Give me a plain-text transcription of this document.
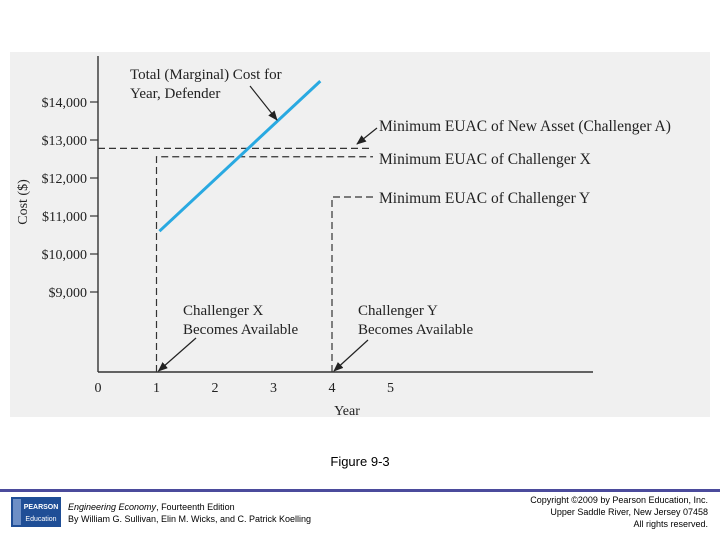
$9,000
$10,000
$11,000
$12,000
$13,000
$14,000
0	1	2	3	4	5
Year
Cost ($)
Minimum EUAC of New Asset (Challenger A)
Minimum EUAC of Challenger X
Minimum EUAC of Challenger Y
Total (Marginal) Cost for
Year, Defender
Challenger X
Becomes Available
Challenger Y
Becomes Available
Figure 9-3
PEARSON
Education
Engineering Economy, Fourteenth Edition
By William G. Sullivan, Elin M. Wicks, and C. Patrick Koelling
Copyright ©2009 by Pearson Education, Inc.
Upper Saddle River, New Jersey 07458
All rights reserved.
